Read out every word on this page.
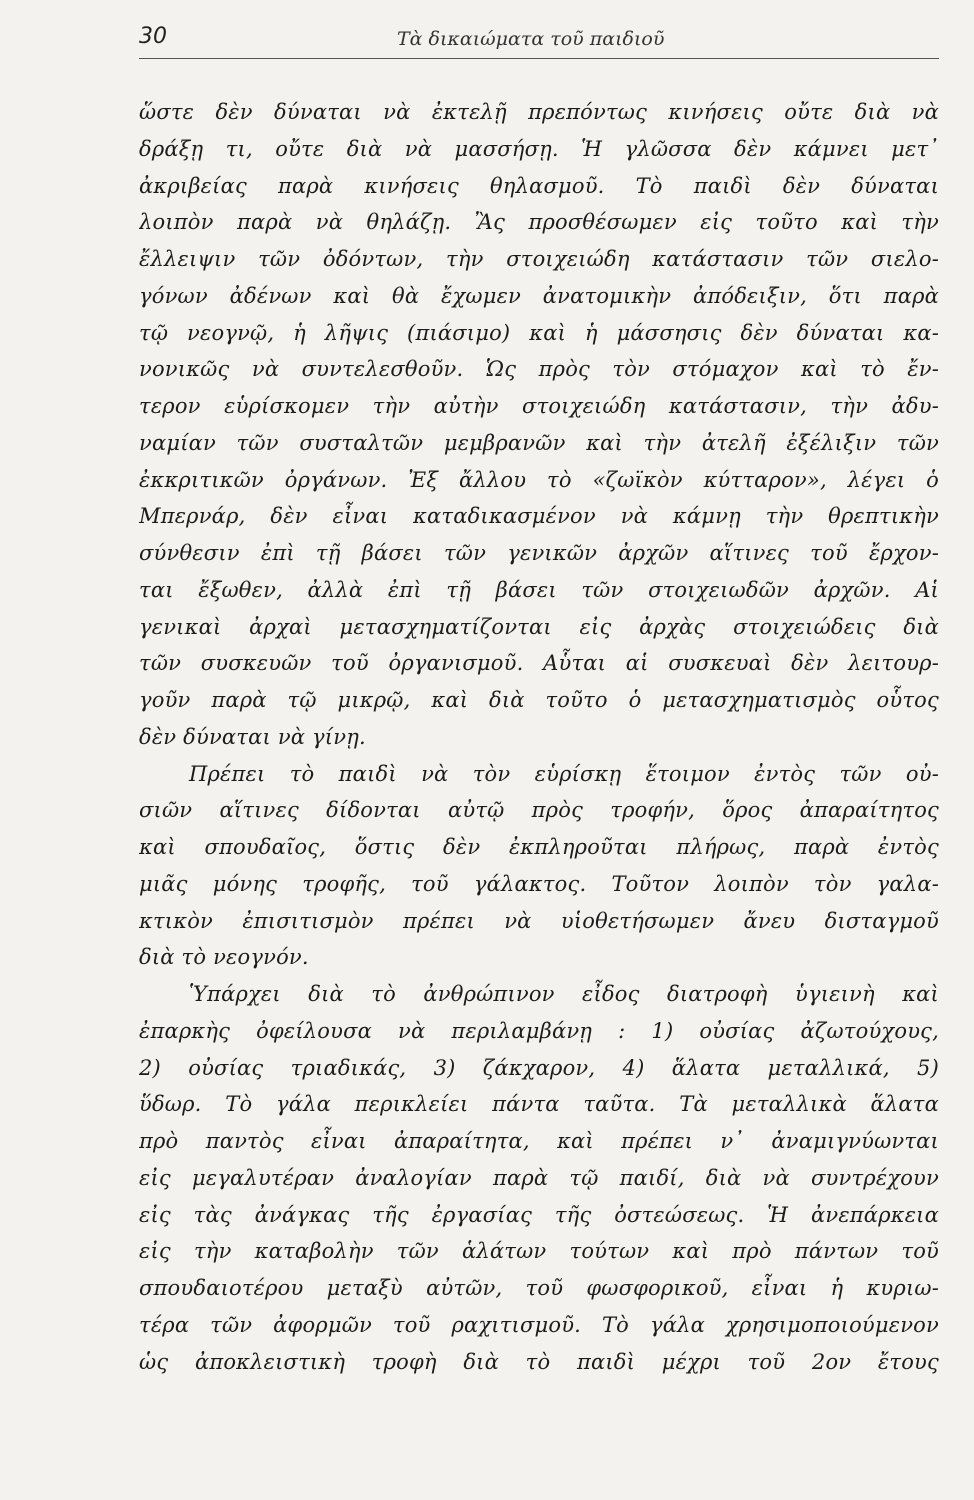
30	Τὰ δικαιώματα τοῦ παιδιοῦ
ὥστε δὲν δύναται νὰ ἐκτελῇ πρεπόντως κινήσεις οὔτε διὰ νὰ
δράξῃ τι, οὔτε διὰ νὰ μασσήσῃ. Ἡ γλῶσσα δὲν κάμνει μετ᾽
ἀκριβείας παρὰ κινήσεις θηλασμοῦ. Τὸ παιδὶ δὲν δύναται
λοιπὸν παρὰ νὰ θηλάζῃ. Ἂς προσθέσωμεν εἰς τοῦτο καὶ τὴν
ἔλλειψιν τῶν ὀδόντων, τὴν στοιχειώδη κατάστασιν τῶν σιελο-
γόνων ἀδένων καὶ θὰ ἔχωμεν ἀνατομικὴν ἀπόδειξιν, ὅτι παρὰ
τῷ νεογνῷ, ἡ λῆψις (πιάσιμο) καὶ ἡ μάσσησις δὲν δύναται κα-
νονικῶς νὰ συντελεσθοῦν. Ὡς πρὸς τὸν στόμαχον καὶ τὸ ἔν-
τερον εὑρίσκομεν τὴν αὐτὴν στοιχειώδη κατάστασιν, τὴν ἀδυ-
ναμίαν τῶν συσταλτῶν μεμβρανῶν καὶ τὴν ἀτελῆ ἐξέλιξιν τῶν
ἐκκριτικῶν ὀργάνων. Ἐξ ἄλλου τὸ «ζωϊκὸν κύτταρον», λέγει ὁ
Μπερνάρ, δὲν εἶναι καταδικασμένον νὰ κάμνῃ τὴν θρεπτικὴν
σύνθεσιν ἐπὶ τῇ βάσει τῶν γενικῶν ἀρχῶν αἵτινες τοῦ ἔρχον-
ται ἔξωθεν, ἀλλὰ ἐπὶ τῇ βάσει τῶν στοιχειωδῶν ἀρχῶν. Αἱ
γενικαὶ ἀρχαὶ μετασχηματίζονται εἰς ἀρχὰς στοιχειώδεις διὰ
τῶν συσκευῶν τοῦ ὀργανισμοῦ. Αὗται αἱ συσκευαὶ δὲν λειτουρ-
γοῦν παρὰ τῷ μικρῷ, καὶ διὰ τοῦτο ὁ μετασχηματισμὸς οὗτος
δὲν δύναται νὰ γίνῃ.
Πρέπει τὸ παιδὶ νὰ τὸν εὑρίσκῃ ἕτοιμον ἐντὸς τῶν οὐ-
σιῶν αἵτινες δίδονται αὐτῷ πρὸς τροφήν, ὅρος ἀπαραίτητος
καὶ σπουδαῖος, ὅστις δὲν ἐκπληροῦται πλήρως, παρὰ ἐντὸς
μιᾶς μόνης τροφῆς, τοῦ γάλακτος. Τοῦτον λοιπὸν τὸν γαλα-
κτικὸν ἐπισιτισμὸν πρέπει νὰ υἱοθετήσωμεν ἄνευ δισταγμοῦ
διὰ τὸ νεογνόν.
Ὑπάρχει διὰ τὸ ἀνθρώπινον εἶδος διατροφὴ ὑγιεινὴ καὶ
ἐπαρκὴς ὀφείλουσα νὰ περιλαμβάνῃ : 1) οὐσίας ἀζωτούχους,
2) οὐσίας τριαδικάς, 3) ζάκχαρον, 4) ἅλατα μεταλλικά, 5)
ὕδωρ. Τὸ γάλα περικλείει πάντα ταῦτα. Τὰ μεταλλικὰ ἅλατα
πρὸ παντὸς εἶναι ἀπαραίτητα, καὶ πρέπει ν᾽ ἀναμιγνύωνται
εἰς μεγαλυτέραν ἀναλογίαν παρὰ τῷ παιδί, διὰ νὰ συντρέχουν
εἰς τὰς ἀνάγκας τῆς ἐργασίας τῆς ὀστεώσεως. Ἡ ἀνεπάρκεια
εἰς τὴν καταβολὴν τῶν ἁλάτων τούτων καὶ πρὸ πάντων τοῦ
σπουδαιοτέρου μεταξὺ αὐτῶν, τοῦ φωσφορικοῦ, εἶναι ἡ κυριω-
τέρα τῶν ἀφορμῶν τοῦ ραχιτισμοῦ. Τὸ γάλα χρησιμοποιούμενον
ὡς ἀποκλειστικὴ τροφὴ διὰ τὸ παιδὶ μέχρι τοῦ 2ον ἔτους
